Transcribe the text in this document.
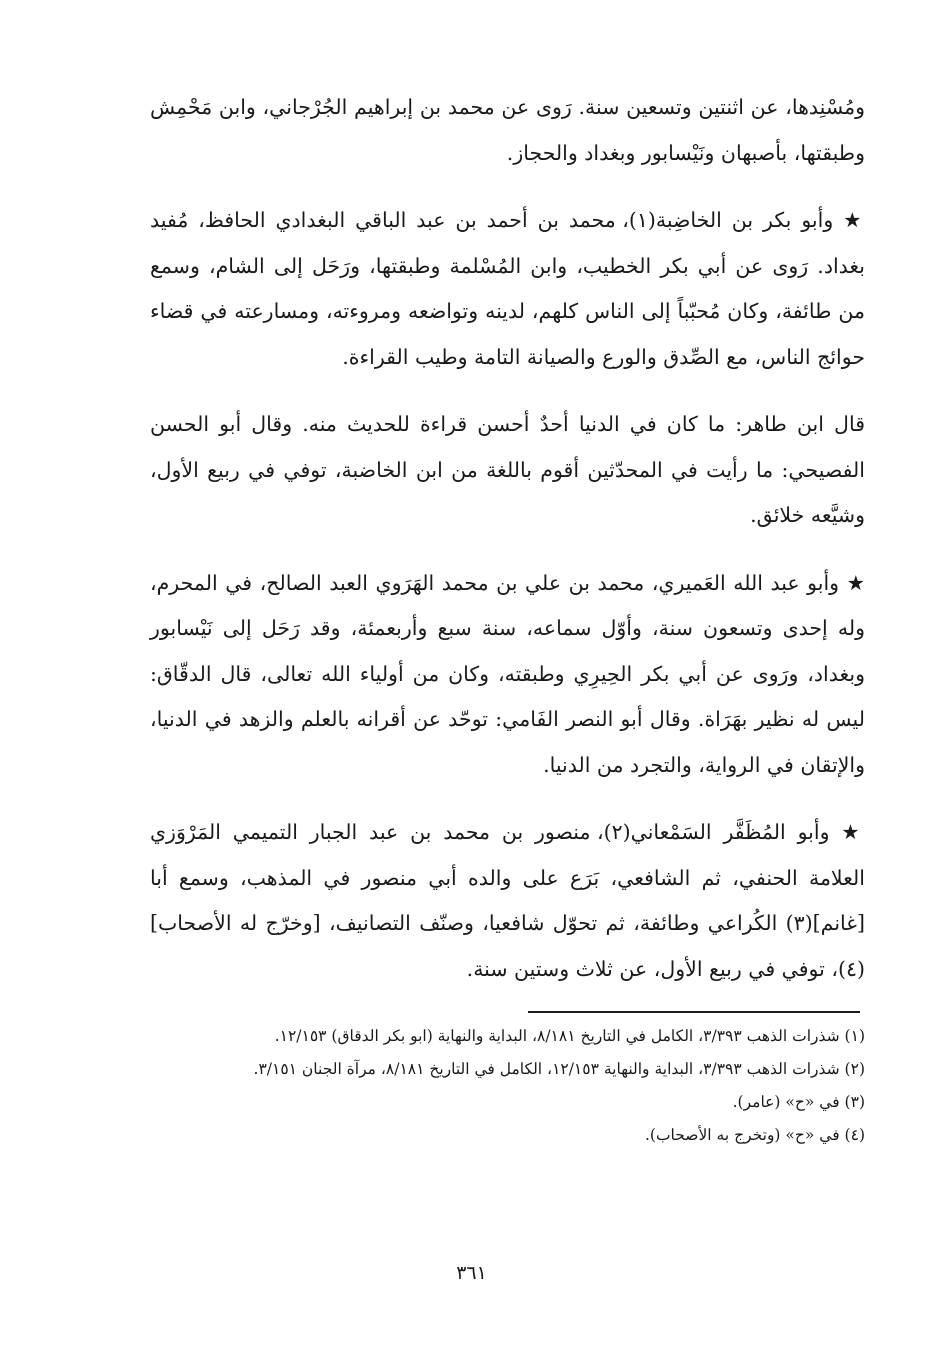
ومُسْنِدها، عن اثنتين وتسعين سنة. رَوى عن محمد بن إبراهيم الجُرْجاني، وابن مَحْمِش وطبقتها، بأصبهان ونَيْسابور وبغداد والحجاز.

★ وأبو بكر بن الخاضِبة(١)، محمد بن أحمد بن عبد الباقي البغدادي الحافظ، مُفيد بغداد. رَوى عن أبي بكر الخطيب، وابن المُسْلمة وطبقتها، ورَحَل إلى الشام، وسمع من طائفة، وكان مُحبّباً إلى الناس كلهم، لدينه وتواضعه ومروءته، ومسارعته في قضاء حوائج الناس، مع الصِّدق والورع والصيانة التامة وطيب القراءة.

قال ابن طاهر: ما كان في الدنيا أحدٌ أحسن قراءة للحديث منه. وقال أبو الحسن الفصيحي: ما رأيت في المحدّثين أقوم باللغة من ابن الخاضبة، توفي في ربيع الأول، وشيَّعه خلائق.

★ وأبو عبد الله العَميري، محمد بن علي بن محمد الهَرَوي العبد الصالح، في المحرم، وله إحدى وتسعون سنة، وأوّل سماعه، سنة سبع وأربعمئة، وقد رَحَل إلى نَيْسابور وبغداد، ورَوى عن أبي بكر الحِيرِي وطبقته، وكان من أولياء الله تعالى، قال الدقّاق: ليس له نظير بهَرَاة. وقال أبو النصر الفَامي: توحّد عن أقرانه بالعلم والزهد في الدنيا، والإتقان في الرواية، والتجرد من الدنيا.

★ وأبو المُظَفَّر السَمْعاني(٢)، منصور بن محمد بن عبد الجبار التميمي المَرْوَزي العلامة الحنفي، ثم الشافعي، بَرَع على والده أبي منصور في المذهب، وسمع أبا [غانم](٣) الكُراعي وطائفة، ثم تحوّل شافعيا، وصنّف التصانيف، [وخرّج له الأصحاب](٤)، توفي في ربيع الأول، عن ثلاث وستين سنة.

(١) شذرات الذهب ٣/٣٩٣، الكامل في التاريخ ٨/١٨١، البداية والنهاية (ابو بكر الدقاق) ١٢/١٥٣.

(٢) شذرات الذهب ٣/٣٩٣، البداية والنهاية ١٢/١٥٣، الكامل في التاريخ ٨/١٨١، مرآة الجنان ٣/١٥١.

(٣) في «ح» (عامر).

(٤) في «ح» (وتخرج به الأصحاب).

٣٦١
